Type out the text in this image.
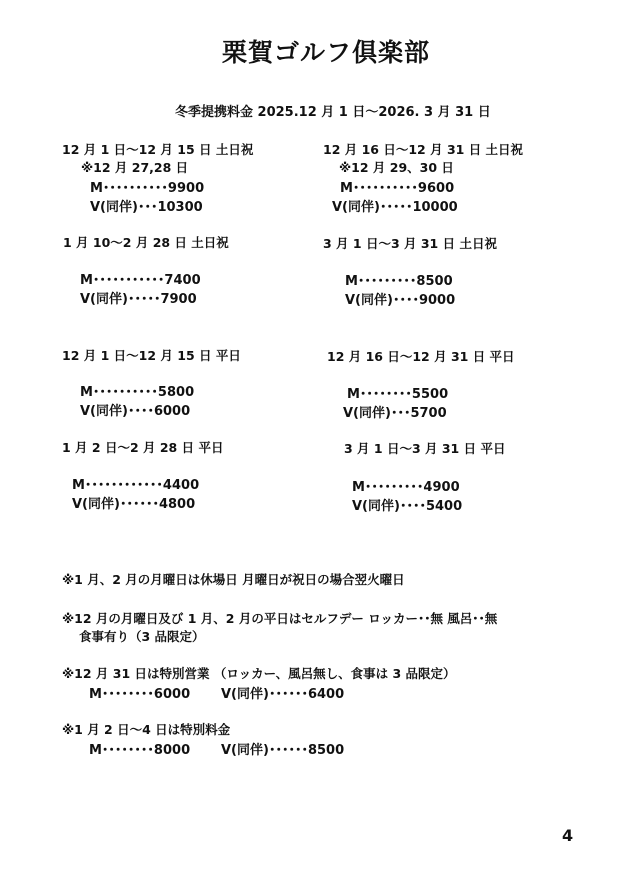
栗賀ゴルフ倶楽部
冬季提携料金 2025.12 月 1 日～2026. 3 月 31 日
12 月 1 日～12 月 15 日 土日祝
※12 月 27,28 日
M･･････････9900
V(同伴)･･･10300
12 月 16 日～12 月 31 日 土日祝
※12 月 29、30 日
M･･････････9600
V(同伴)･････10000
1 月 10～2 月 28 日 土日祝
M･･･････････7400
V(同伴)･････7900
3 月 1 日～3 月 31 日 土日祝
M･････････8500
V(同伴)････9000
12 月 1 日～12 月 15 日 平日
M･･････････5800
V(同伴)････6000
12 月 16 日～12 月 31 日 平日
M････････5500
V(同伴)･･･5700
1 月 2 日～2 月 28 日 平日
M････････････4400
V(同伴)･･････4800
3 月 1 日～3 月 31 日 平日
M･････････4900
V(同伴)････5400
※1 月、2 月の月曜日は休場日 月曜日が祝日の場合翌火曜日
※12 月の月曜日及び 1 月、2 月の平日はセルフデー ロッカー･･無 風呂･･無
食事有り（3 品限定）
※12 月 31 日は特別営業 （ロッカー、風呂無し、食事は 3 品限定）
M････････6000 V(同伴)･･････6400
※1 月 2 日～4 日は特別料金
M････････8000 V(同伴)･･････8500
4
